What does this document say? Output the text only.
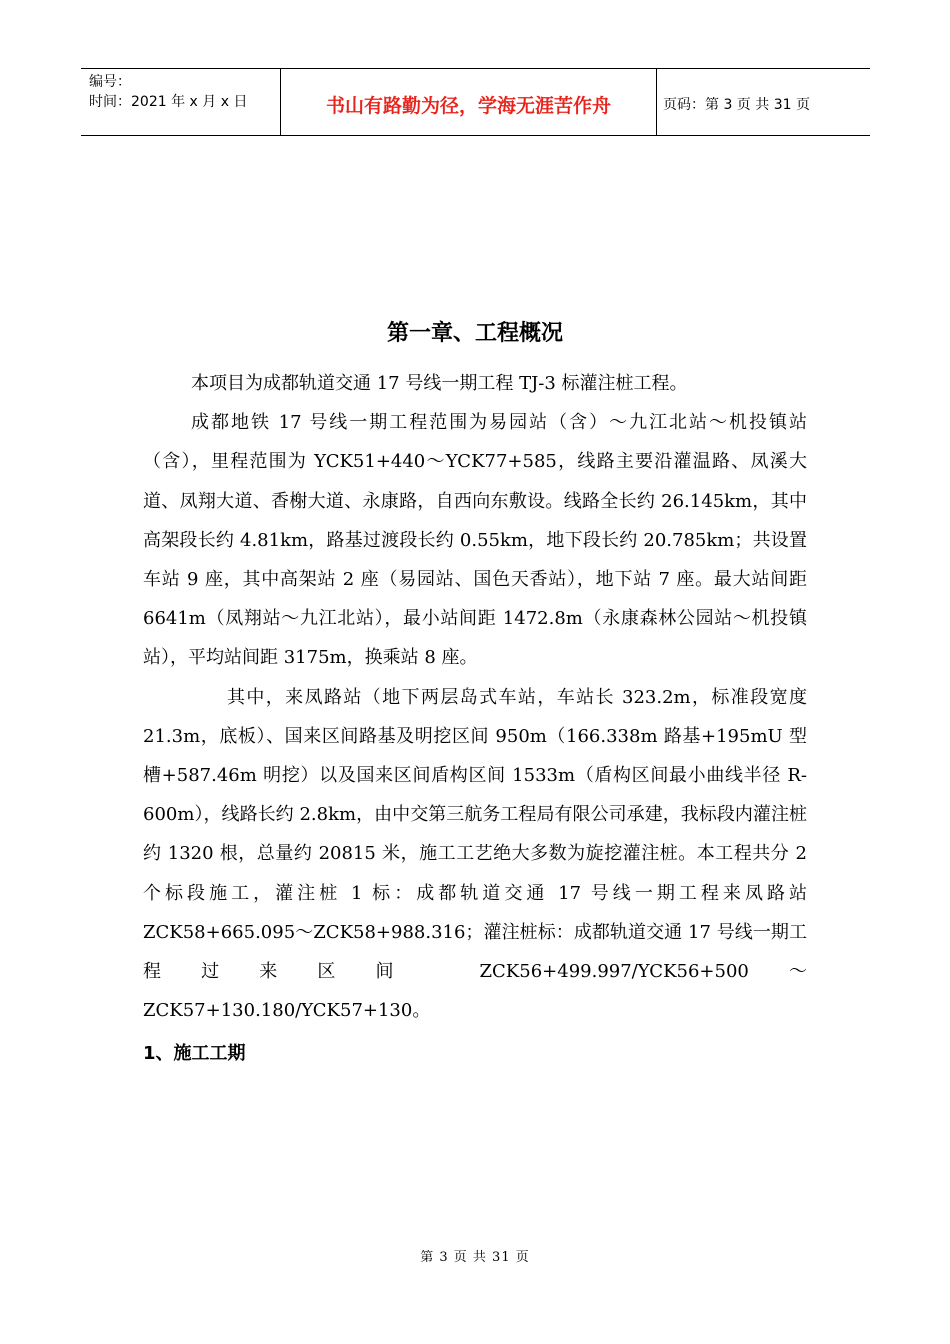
编号：
时间：2021 年 x 月 x 日	书山有路勤为径，学海无涯苦作舟	页码：第 3 页 共 31 页
第一章、工程概况

本项目为成都轨道交通 17 号线一期工程 TJ-3 标灌注桩工程。

成都地铁 17 号线一期工程范围为易园站（含）～九江北站～机投镇站（含），里程范围为 YCK51+440～YCK77+585，线路主要沿灌温路、凤溪大道、凤翔大道、香榭大道、永康路，自西向东敷设。线路全长约 26.145km，其中高架段长约 4.81km，路基过渡段长约 0.55km，地下段长约 20.785km；共设置车站 9 座，其中高架站 2 座（易园站、国色天香站），地下站 7 座。最大站间距 6641m（凤翔站～九江北站），最小站间距 1472.8m（永康森林公园站～机投镇站），平均站间距 3175m，换乘站 8 座。

其中，来凤路站（地下两层岛式车站，车站长 323.2m，标准段宽度 21.3m，底板）、国来区间路基及明挖区间 950m（166.338m 路基+195mU 型槽+587.46m 明挖）以及国来区间盾构区间 1533m（盾构区间最小曲线半径 R-600m），线路长约 2.8km，由中交第三航务工程局有限公司承建，我标段内灌注桩约 1320 根，总量约 20815 米，施工工艺绝大多数为旋挖灌注桩。本工程共分 2 个标段施工，灌注桩 1 标：成都轨道交通 17 号线一期工程来凤路站 ZCK58+665.095～ZCK58+988.316；灌注桩标：成都轨道交通 17 号线一期工程过来区间 ZCK56+499.997/YCK56+500～ZCK57+130.180/YCK57+130。

1、施工工期

第 3 页 共 31 页
